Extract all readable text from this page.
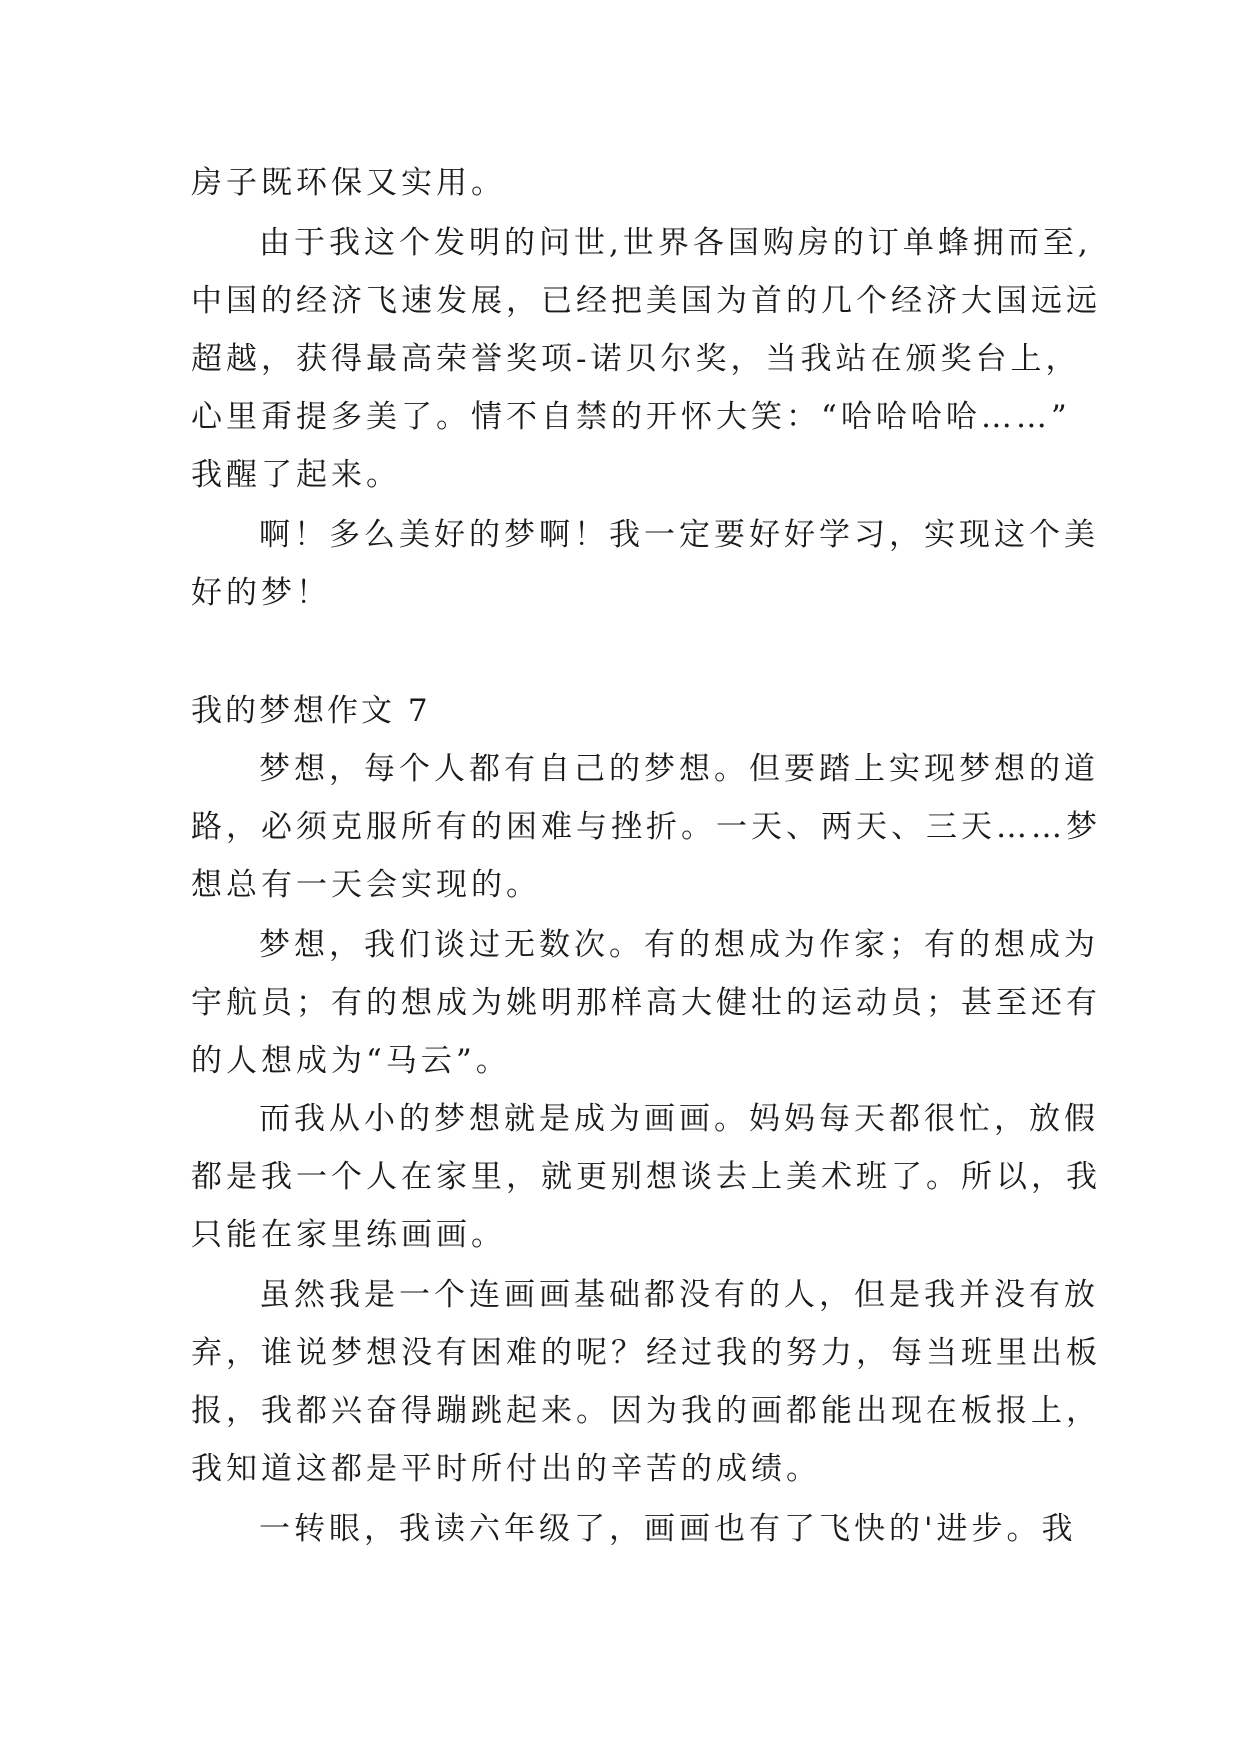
房子既环保又实用。
由于我这个发明的问世,世界各国购房的订单蜂拥而至,
中国的经济飞速发展，已经把美国为首的几个经济大国远远
超越，获得最高荣誉奖项-诺贝尔奖，当我站在颁奖台上，
心里甭提多美了。情不自禁的开怀大笑：“哈哈哈哈……”
我醒了起来。
啊！多么美好的梦啊！我一定要好好学习，实现这个美
好的梦！
我的梦想作文 7
梦想，每个人都有自己的梦想。但要踏上实现梦想的道
路，必须克服所有的困难与挫折。一天、两天、三天……梦
想总有一天会实现的。
梦想，我们谈过无数次。有的想成为作家；有的想成为
宇航员；有的想成为姚明那样高大健壮的运动员；甚至还有
的人想成为“马云”。
而我从小的梦想就是成为画画。妈妈每天都很忙，放假
都是我一个人在家里，就更别想谈去上美术班了。所以，我
只能在家里练画画。
虽然我是一个连画画基础都没有的人，但是我并没有放
弃，谁说梦想没有困难的呢？经过我的努力，每当班里出板
报，我都兴奋得蹦跳起来。因为我的画都能出现在板报上，
我知道这都是平时所付出的辛苦的成绩。
一转眼，我读六年级了，画画也有了飞快的'进步。我
